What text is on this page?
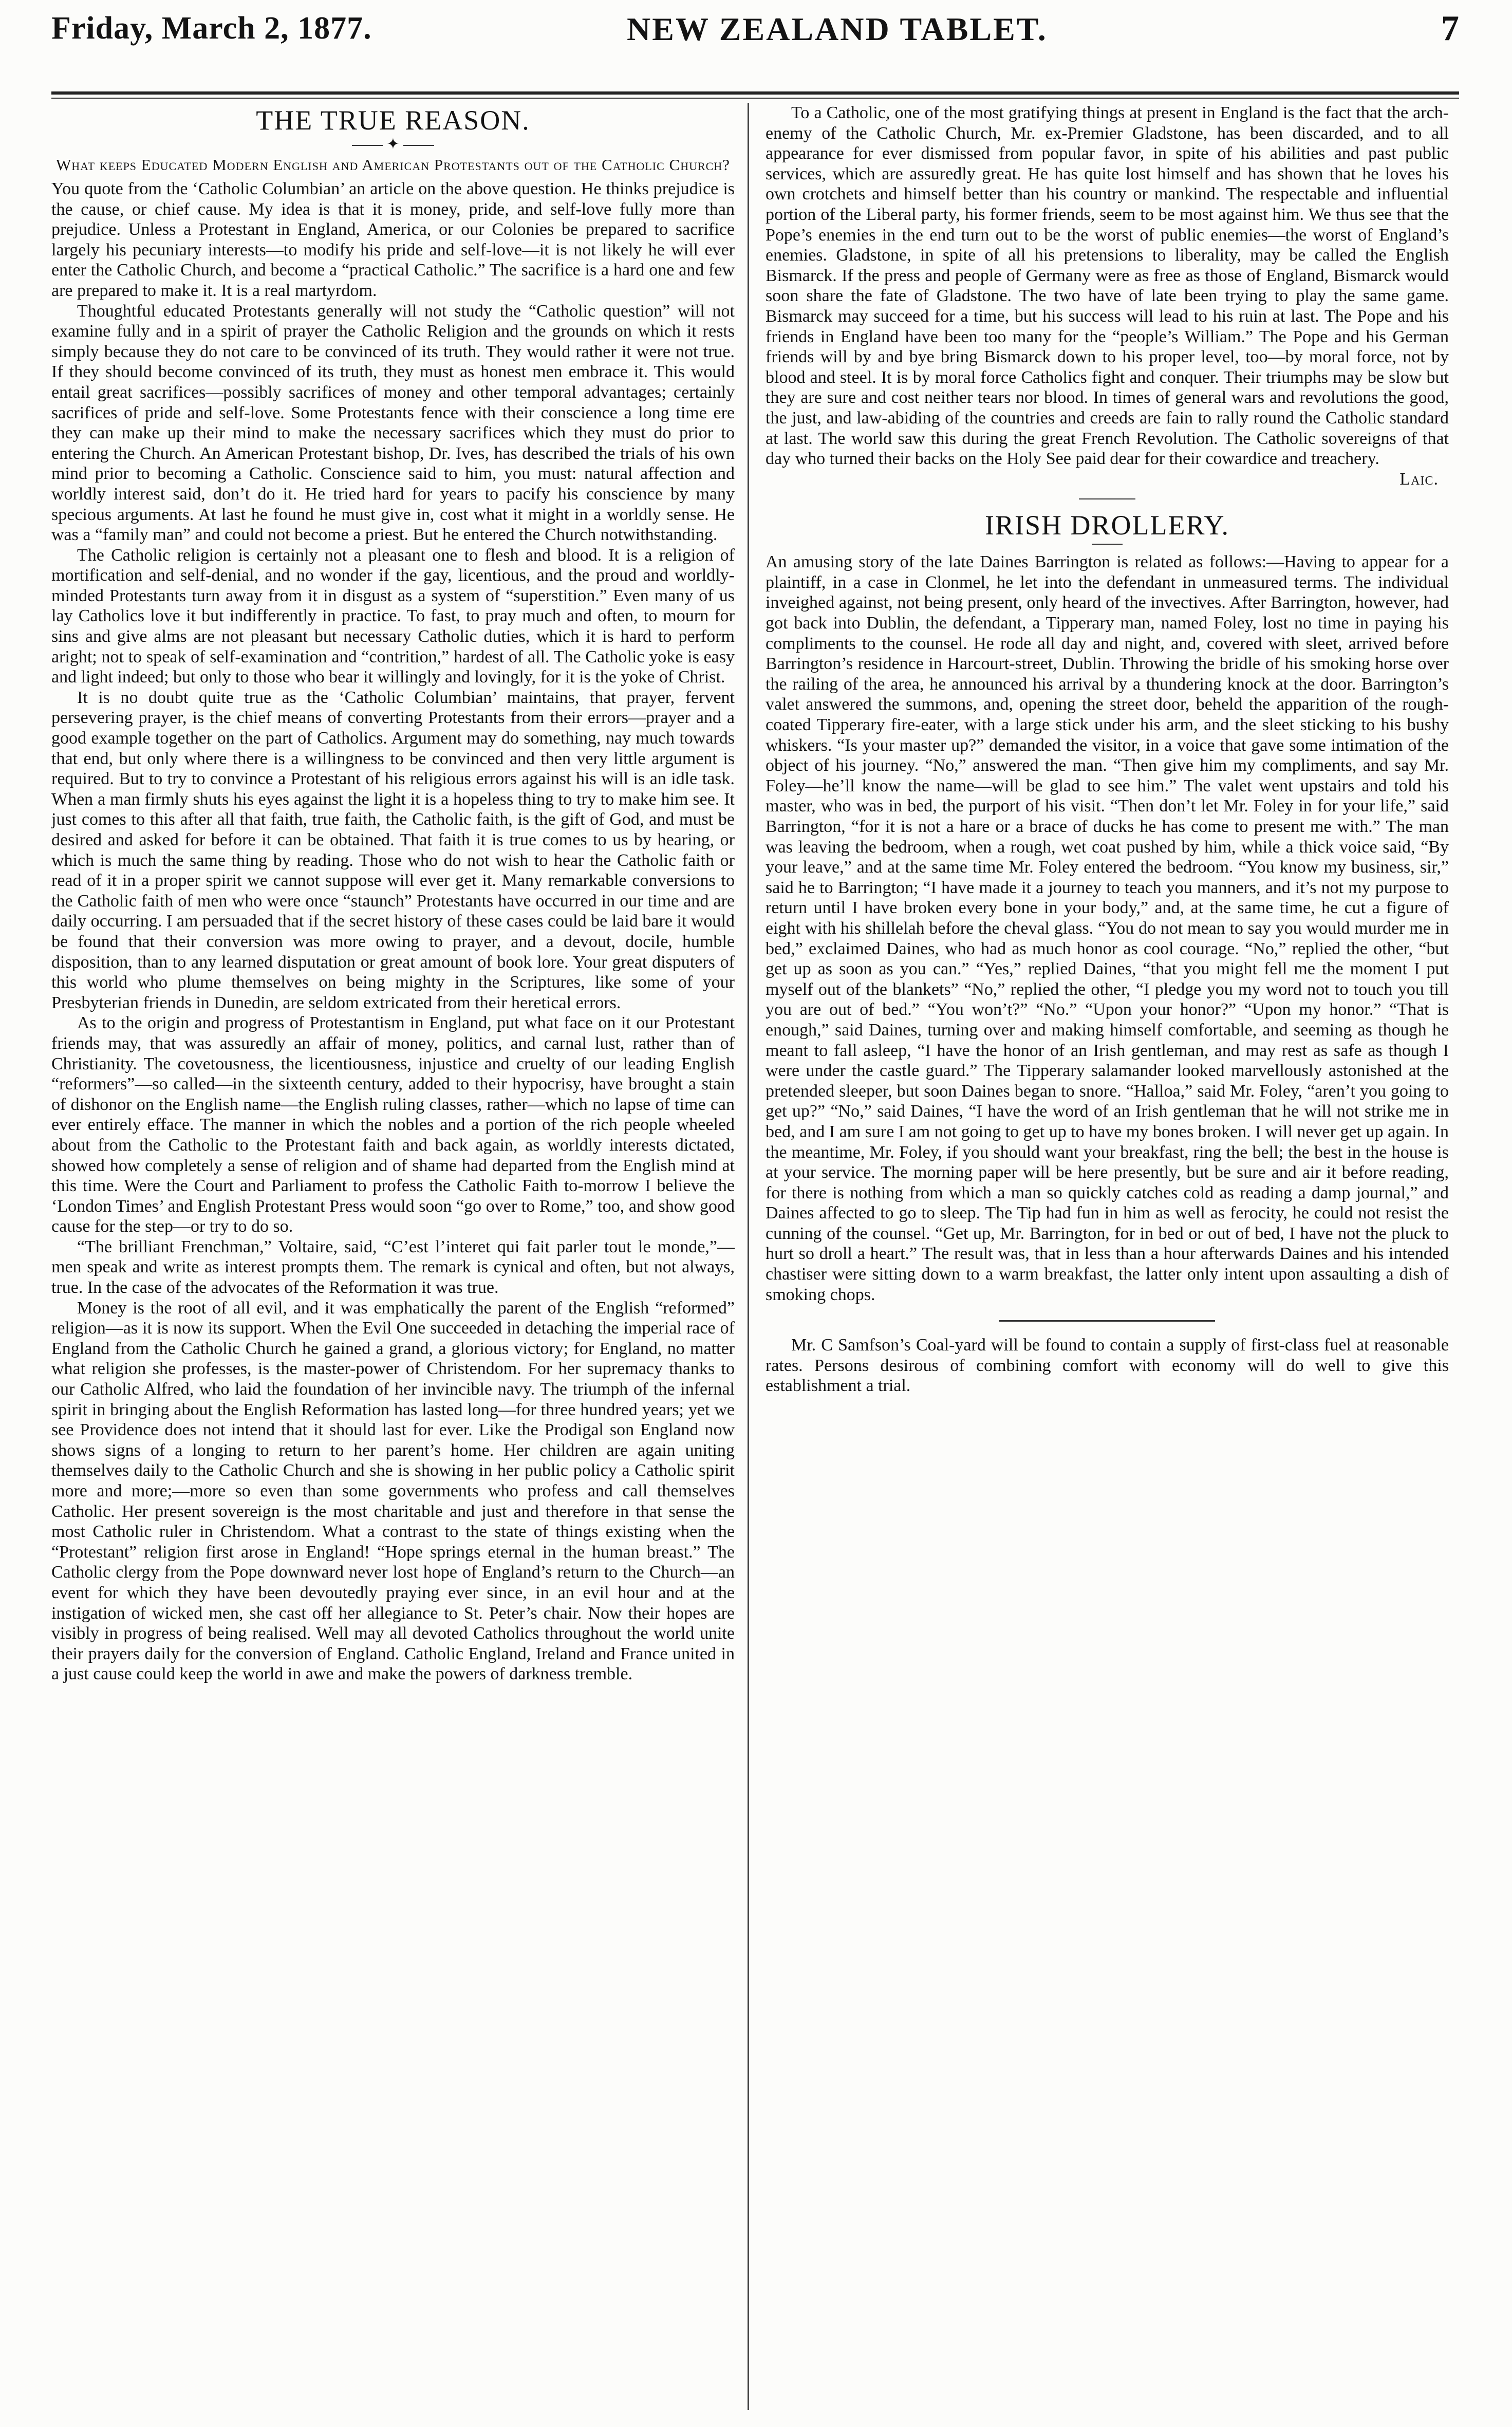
Friday, March 2, 1877.	NEW ZEALAND TABLET.	7
THE TRUE REASON.
✦

What keeps Educated Modern English and American Protestants out of the Catholic Church?

You quote from the ‘Catholic Columbian’ an article on the above question. He thinks prejudice is the cause, or chief cause. My idea is that it is money, pride, and self-love fully more than prejudice. Unless a Protestant in England, America, or our Colonies be prepared to sacrifice largely his pecuniary interests—to modify his pride and self-love—it is not likely he will ever enter the Catholic Church, and become a “practical Catholic.” The sacrifice is a hard one and few are prepared to make it. It is a real martyrdom.

Thoughtful educated Protestants generally will not study the “Catholic question” will not examine fully and in a spirit of prayer the Catholic Religion and the grounds on which it rests simply because they do not care to be convinced of its truth. They would rather it were not true. If they should become convinced of its truth, they must as honest men embrace it. This would entail great sacrifices—possibly sacrifices of money and other temporal advantages; certainly sacrifices of pride and self-love. Some Protestants fence with their conscience a long time ere they can make up their mind to make the necessary sacrifices which they must do prior to entering the Church. An American Protestant bishop, Dr. Ives, has described the trials of his own mind prior to becoming a Catholic. Conscience said to him, you must: natural affection and worldly interest said, don’t do it. He tried hard for years to pacify his conscience by many specious arguments. At last he found he must give in, cost what it might in a worldly sense. He was a “family man” and could not become a priest. But he entered the Church notwithstanding.

The Catholic religion is certainly not a pleasant one to flesh and blood. It is a religion of mortification and self-denial, and no wonder if the gay, licentious, and the proud and worldly-minded Protestants turn away from it in disgust as a system of “superstition.” Even many of us lay Catholics love it but indifferently in practice. To fast, to pray much and often, to mourn for sins and give alms are not pleasant but necessary Catholic duties, which it is hard to perform aright; not to speak of self-examination and “contrition,” hardest of all. The Catholic yoke is easy and light indeed; but only to those who bear it willingly and lovingly, for it is the yoke of Christ.

It is no doubt quite true as the ‘Catholic Columbian’ maintains, that prayer, fervent persevering prayer, is the chief means of converting Protestants from their errors—prayer and a good example together on the part of Catholics. Argument may do something, nay much towards that end, but only where there is a willingness to be convinced and then very little argument is required. But to try to convince a Protestant of his religious errors against his will is an idle task. When a man firmly shuts his eyes against the light it is a hopeless thing to try to make him see. It just comes to this after all that faith, true faith, the Catholic faith, is the gift of God, and must be desired and asked for before it can be obtained. That faith it is true comes to us by hearing, or which is much the same thing by reading. Those who do not wish to hear the Catholic faith or read of it in a proper spirit we cannot suppose will ever get it. Many remarkable conversions to the Catholic faith of men who were once “staunch” Protestants have occurred in our time and are daily occurring. I am persuaded that if the secret history of these cases could be laid bare it would be found that their conversion was more owing to prayer, and a devout, docile, humble disposition, than to any learned disputation or great amount of book lore. Your great disputers of this world who plume themselves on being mighty in the Scriptures, like some of your Presbyterian friends in Dunedin, are seldom extricated from their heretical errors.

As to the origin and progress of Protestantism in England, put what face on it our Protestant friends may, that was assuredly an affair of money, politics, and carnal lust, rather than of Christianity. The covetousness, the licentiousness, injustice and cruelty of our leading English “reformers”—so called—in the sixteenth century, added to their hypocrisy, have brought a stain of dishonor on the English name—the English ruling classes, rather—which no lapse of time can ever entirely efface. The manner in which the nobles and a portion of the rich people wheeled about from the Catholic to the Protestant faith and back again, as worldly interests dictated, showed how completely a sense of religion and of shame had departed from the English mind at this time. Were the Court and Parliament to profess the Catholic Faith to-morrow I believe the ‘London Times’ and English Protestant Press would soon “go over to Rome,” too, and show good cause for the step—or try to do so.

“The brilliant Frenchman,” Voltaire, said, “C’est l’interet qui fait parler tout le monde,”—men speak and write as interest prompts them. The remark is cynical and often, but not always, true. In the case of the advocates of the Reformation it was true.

Money is the root of all evil, and it was emphatically the parent of the English “reformed” religion—as it is now its support. When the Evil One succeeded in detaching the imperial race of England from the Catholic Church he gained a grand, a glorious victory; for England, no matter what religion she professes, is the master-power of Christendom. For her supremacy thanks to our Catholic Alfred, who laid the foundation of her invincible navy. The triumph of the infernal spirit in bringing about the English Reformation has lasted long—for three hundred years; yet we see Providence does not intend that it should last for ever. Like the Prodigal son England now shows signs of a longing to return to her parent’s home. Her children are again uniting themselves daily to the Catholic Church and she is showing in her public policy a Catholic spirit more and more;—more so even than some governments who profess and call themselves Catholic. Her present sovereign is the most charitable and just and therefore in that sense the most Catholic ruler in Christendom. What a contrast to the state of things existing when the “Protestant” religion first arose in England! “Hope springs eternal in the human breast.” The Catholic clergy from the Pope downward never lost hope of England’s return to the Church—an event for which they have been devoutedly praying ever since, in an evil hour and at the instigation of wicked men, she cast off her allegiance to St. Peter’s chair. Now their hopes are visibly in progress of being realised. Well may all devoted Catholics throughout the world unite their prayers daily for the conversion of England. Catholic England, Ireland and France united in a just cause could keep the world in awe and make the powers of darkness tremble.

To a Catholic, one of the most gratifying things at present in England is the fact that the arch-enemy of the Catholic Church, Mr. ex-Premier Gladstone, has been discarded, and to all appearance for ever dismissed from popular favor, in spite of his abilities and past public services, which are assuredly great. He has quite lost himself and has shown that he loves his own crotchets and himself better than his country or mankind. The respectable and influential portion of the Liberal party, his former friends, seem to be most against him. We thus see that the Pope’s enemies in the end turn out to be the worst of public enemies—the worst of England’s enemies. Gladstone, in spite of all his pretensions to liberality, may be called the English Bismarck. If the press and people of Germany were as free as those of England, Bismarck would soon share the fate of Gladstone. The two have of late been trying to play the same game. Bismarck may succeed for a time, but his success will lead to his ruin at last. The Pope and his friends in England have been too many for the “people’s William.” The Pope and his German friends will by and bye bring Bismarck down to his proper level, too—by moral force, not by blood and steel. It is by moral force Catholics fight and conquer. Their triumphs may be slow but they are sure and cost neither tears nor blood. In times of general wars and revolutions the good, the just, and law-abiding of the countries and creeds are fain to rally round the Catholic standard at last. The world saw this during the great French Revolution. The Catholic sovereigns of that day who turned their backs on the Holy See paid dear for their cowardice and treachery.

Laic.

IRISH DROLLERY.

An amusing story of the late Daines Barrington is related as follows:—Having to appear for a plaintiff, in a case in Clonmel, he let into the defendant in unmeasured terms. The individual inveighed against, not being present, only heard of the invectives. After Barrington, however, had got back into Dublin, the defendant, a Tipperary man, named Foley, lost no time in paying his compliments to the counsel. He rode all day and night, and, covered with sleet, arrived before Barrington’s residence in Harcourt-street, Dublin. Throwing the bridle of his smoking horse over the railing of the area, he announced his arrival by a thundering knock at the door. Barrington’s valet answered the summons, and, opening the street door, beheld the apparition of the rough-coated Tipperary fire-eater, with a large stick under his arm, and the sleet sticking to his bushy whiskers. “Is your master up?” demanded the visitor, in a voice that gave some intimation of the object of his journey. “No,” answered the man. “Then give him my compliments, and say Mr. Foley—he’ll know the name—will be glad to see him.” The valet went upstairs and told his master, who was in bed, the purport of his visit. “Then don’t let Mr. Foley in for your life,” said Barrington, “for it is not a hare or a brace of ducks he has come to present me with.” The man was leaving the bedroom, when a rough, wet coat pushed by him, while a thick voice said, “By your leave,” and at the same time Mr. Foley entered the bedroom. “You know my business, sir,” said he to Barrington; “I have made it a journey to teach you manners, and it’s not my purpose to return until I have broken every bone in your body,” and, at the same time, he cut a figure of eight with his shillelah before the cheval glass. “You do not mean to say you would murder me in bed,” exclaimed Daines, who had as much honor as cool courage. “No,” replied the other, “but get up as soon as you can.” “Yes,” replied Daines, “that you might fell me the moment I put myself out of the blankets” “No,” replied the other, “I pledge you my word not to touch you till you are out of bed.” “You won’t?” “No.” “Upon your honor?” “Upon my honor.” “That is enough,” said Daines, turning over and making himself comfortable, and seeming as though he meant to fall asleep, “I have the honor of an Irish gentleman, and may rest as safe as though I were under the castle guard.” The Tipperary salamander looked marvellously astonished at the pretended sleeper, but soon Daines began to snore. “Halloa,” said Mr. Foley, “aren’t you going to get up?” “No,” said Daines, “I have the word of an Irish gentleman that he will not strike me in bed, and I am sure I am not going to get up to have my bones broken. I will never get up again. In the meantime, Mr. Foley, if you should want your breakfast, ring the bell; the best in the house is at your service. The morning paper will be here presently, but be sure and air it before reading, for there is nothing from which a man so quickly catches cold as reading a damp journal,” and Daines affected to go to sleep. The Tip had fun in him as well as ferocity, he could not resist the cunning of the counsel. “Get up, Mr. Barrington, for in bed or out of bed, I have not the pluck to hurt so droll a heart.” The result was, that in less than a hour afterwards Daines and his intended chastiser were sitting down to a warm breakfast, the latter only intent upon assaulting a dish of smoking chops.

Mr. C Samfson’s Coal-yard will be found to contain a supply of first-class fuel at reasonable rates. Persons desirous of combining comfort with economy will do well to give this establishment a trial.
